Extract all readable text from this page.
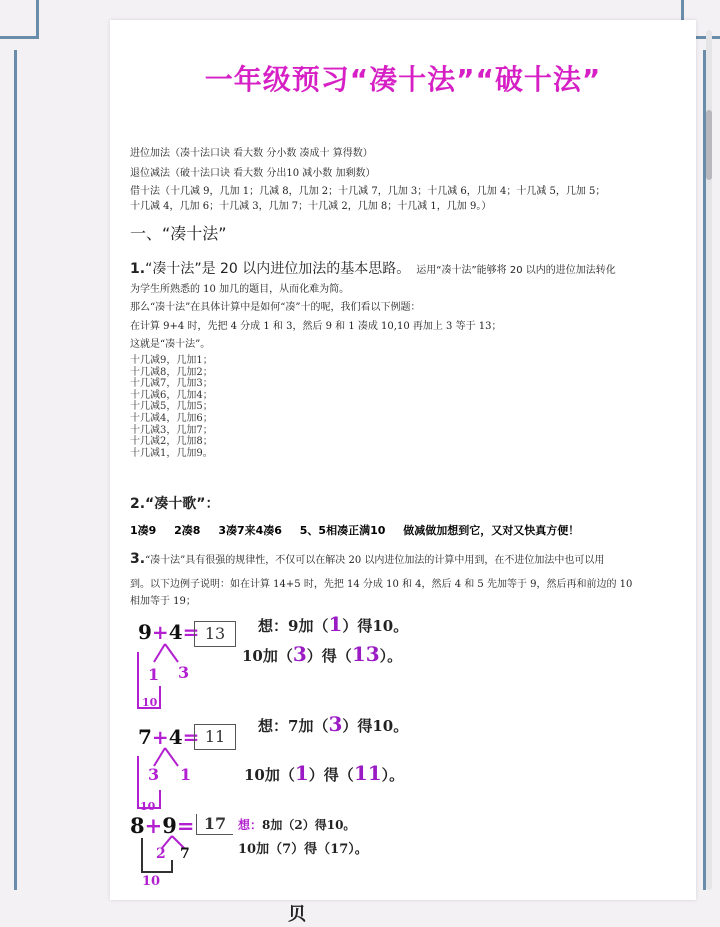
一年级预习“凑十法”“破十法”
进位加法（凑十法口诀 看大数 分小数 凑成十 算得数）
退位减法（破十法口诀 看大数 分出10 减小数 加剩数）
借十法（十几减 9，几加 1；几减 8，几加 2；十几减 7，几加 3；十几减 6，几加 4；十几减 5，几加 5；
十几减 4，几加 6；十几减 3，几加 7；十几减 2，几加 8；十几减 1，几加 9。）
一、“凑十法”
1.“凑十法”是 20 以内进位加法的基本思路。 运用“凑十法”能够将 20 以内的进位加法转化
为学生所熟悉的 10 加几的题目，从而化难为简。
那么“凑十法”在具体计算中是如何“凑”十的呢，我们看以下例题：
在计算 9+4 时，先把 4 分成 1 和 3，然后 9 和 1 凑成 10,10 再加上 3 等于 13；
这就是“凑十法”。
十几减9，几加1；
十几减8，几加2；
十几减7，几加3；
十几减6，几加4；
十几减5，几加5；
十几减4，几加6；
十几减3，几加7；
十几减2，几加8；
十几减1，几加9。
2.“凑十歌”：
1凑9 2凑8 3凑7来4凑6 5、5相凑正满10 做减做加想到它，又对又快真方便！
3.“凑十法”具有很强的规律性，不仅可以在解决 20 以内进位加法的计算中用到，在不进位加法中也可以用
到。以下边例子说明：如在计算 14+5 时，先把 14 分成 10 和 4，然后 4 和 5 先加等于 9，然后再和前边的 10
相加等于 19；
9+4= 13
1 3
10
想：9加（1）得10。
10加（3）得（13）。
7+4= 11
3 1
10
想：7加（3）得10。
10加（1）得（11）。
8+9= 17
2 7
10
想：8加（2）得10。
10加（7）得（17）。
贝
